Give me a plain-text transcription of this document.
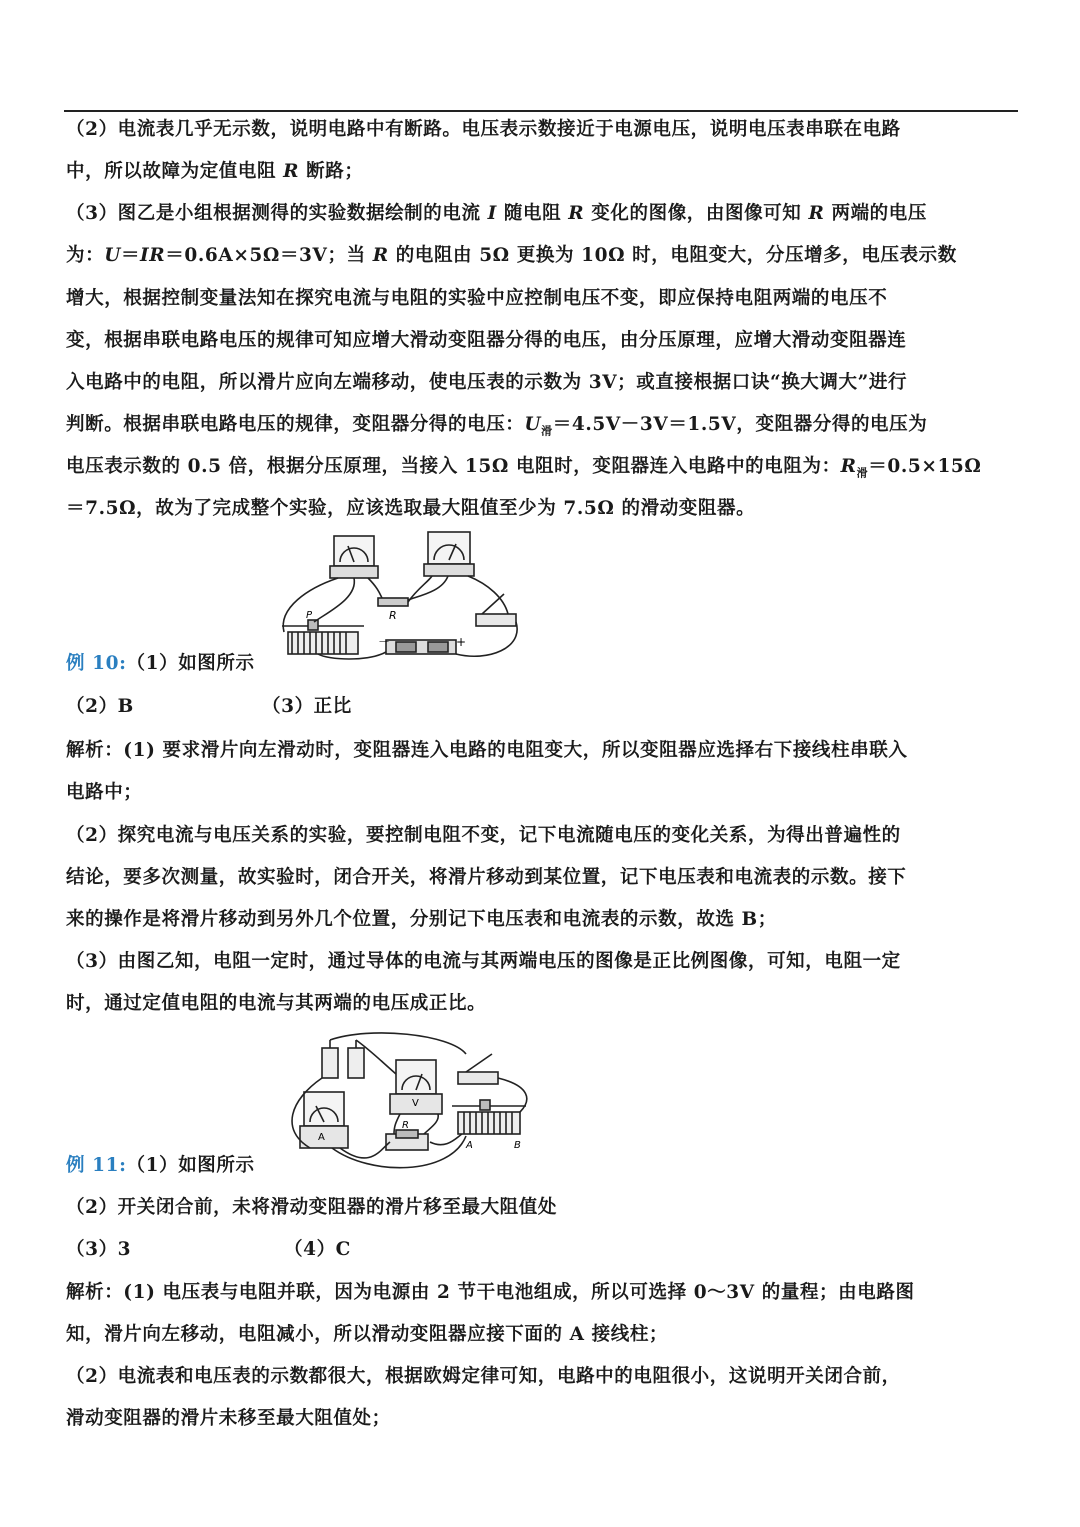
（2）电流表几乎无示数，说明电路中有断路。电压表示数接近于电源电压，说明电压表串联在电路
中，所以故障为定值电阻 R 断路；
（3）图乙是小组根据测得的实验数据绘制的电流 I 随电阻 R 变化的图像，由图像可知 R 两端的电压
为：U＝IR＝0.6A×5Ω＝3V；当 R 的电阻由 5Ω 更换为 10Ω 时，电阻变大，分压增多，电压表示数
增大，根据控制变量法知在探究电流与电阻的实验中应控制电压不变，即应保持电阻两端的电压不
变，根据串联电路电压的规律可知应增大滑动变阻器分得的电压，由分压原理，应增大滑动变阻器连
入电路中的电阻，所以滑片应向左端移动，使电压表的示数为 3V；或直接根据口诀“换大调大”进行
判断。根据串联电路电压的规律，变阻器分得的电压：$U_滑=4.5V-3V=1.5V$，变阻器分得的电压为
电压表示数的 0.5 倍，根据分压原理，当接入 15Ω 电阻时，变阻器连入电路中的电阻为：$R_滑=0.5\times 15\Omega$
＝7.5Ω，故为了完成整个实验，应该选取最大阻值至少为 7.5Ω 的滑动变阻器。
R
P
－	+
例 10:（1）如图所示
（2）B	（3）正比
解析：(1) 要求滑片向左滑动时，变阻器连入电路的电阻变大，所以变阻器应选择右下接线柱串联入
电路中；
（2）探究电流与电压关系的实验，要控制电阻不变，记下电流随电压的变化关系，为得出普遍性的
结论，要多次测量，故实验时，闭合开关，将滑片移动到某位置，记下电压表和电流表的示数。接下
来的操作是将滑片移动到另外几个位置，分别记下电压表和电流表的示数，故选 B；
（3）由图乙知，电阻一定时，通过导体的电流与其两端电压的图像是正比例图像，可知，电阻一定
时，通过定值电阻的电流与其两端的电压成正比。
A
V
R
B
A
例 11:（1）如图所示
（2）开关闭合前，未将滑动变阻器的滑片移至最大阻值处
（3）3	（4）C
解析：(1) 电压表与电阻并联，因为电源由 2 节干电池组成，所以可选择 0～3V 的量程；由电路图
知，滑片向左移动，电阻减小，所以滑动变阻器应接下面的 A 接线柱；
（2）电流表和电压表的示数都很大，根据欧姆定律可知，电路中的电阻很小，这说明开关闭合前，
滑动变阻器的滑片未移至最大阻值处；
